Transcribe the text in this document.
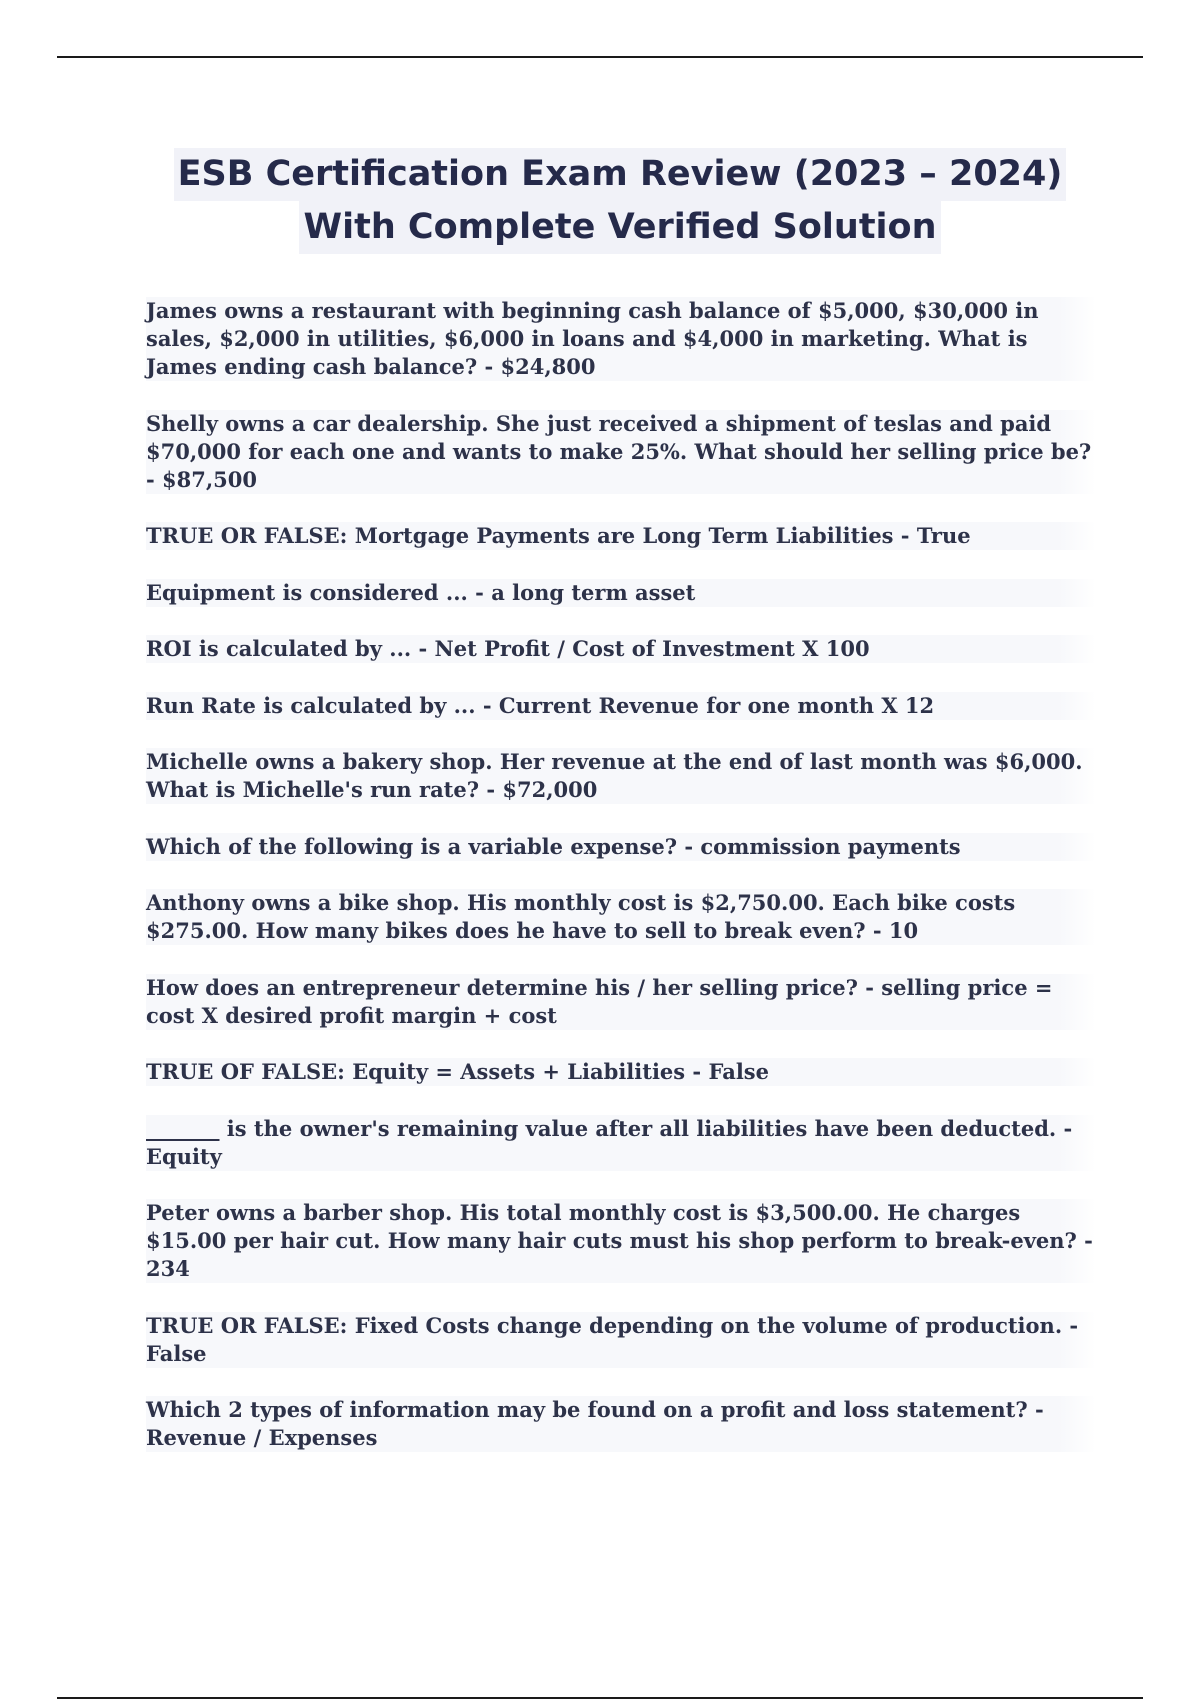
ESB Certification Exam Review (2023 – 2024)
With Complete Verified Solution

James owns a restaurant with beginning cash balance of $5,000, $30,000 in sales, $2,000 in utilities, $6,000 in loans and $4,000 in marketing. What is James ending cash balance? - $24,800

Shelly owns a car dealership. She just received a shipment of teslas and paid $70,000 for each one and wants to make 25%. What should her selling price be? - $87,500

TRUE OR FALSE: Mortgage Payments are Long Term Liabilities - True

Equipment is considered ... - a long term asset

ROI is calculated by ... - Net Profit / Cost of Investment X 100

Run Rate is calculated by ... - Current Revenue for one month X 12

Michelle owns a bakery shop. Her revenue at the end of last month was $6,000. What is Michelle's run rate? - $72,000

Which of the following is a variable expense? - commission payments

Anthony owns a bike shop. His monthly cost is $2,750.00. Each bike costs $275.00. How many bikes does he have to sell to break even? - 10

How does an entrepreneur determine his / her selling price? - selling price = cost X desired profit margin + cost

TRUE OF FALSE: Equity = Assets + Liabilities - False

_______ is the owner's remaining value after all liabilities have been deducted. - Equity

Peter owns a barber shop. His total monthly cost is $3,500.00. He charges $15.00 per hair cut. How many hair cuts must his shop perform to break-even? - 234

TRUE OR FALSE: Fixed Costs change depending on the volume of production. - False

Which 2 types of information may be found on a profit and loss statement? - Revenue / Expenses
